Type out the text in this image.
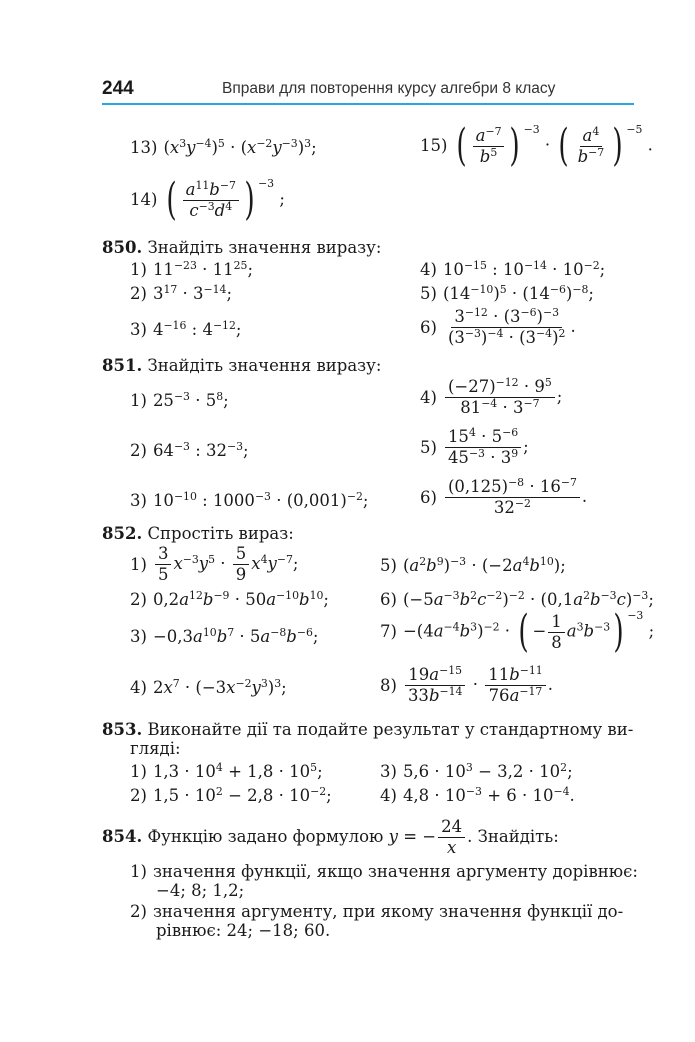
244	Вправи для повторення курсу алгебри 8 класу
13) $(x^3y^{-4})^5 \cdot (x^{-2}y^{-3})^3$;	15) ( $\frac{a^{-7}}{b^5}$ ) $^{-3}$ · ( $\frac{a^4}{b^{-7}}$ ) $^{-5}$ .
14) ( $\frac{a^{11}b^{-7}}{c^{-3}d^4}$ ) $^{-3}$ ;
850. Знайдіть значення виразу:
1) $11^{-23} \cdot 11^{25}$;
2) $3^{17} \cdot 3^{-14}$;
3) $4^{-16}$ : $4^{-12}$;
4) $10^{-15}$ : $10^{-14} \cdot 10^{-2}$;
5) $(14^{-10})^5 \cdot (14^{-6})^{-8}$;
$6) \frac{3^{-12} \cdot (3^{-6})^{-3}}{(3^{-3})^{-4} \cdot (3^{-4})^2}$ .
851. Знайдіть значення виразу:
1) $25^{-3} \cdot 5^8$;
2) $64^{-3}$ : $32^{-3}$;
3) $10^{-10}$ : $1000^{-3} \cdot (0,001)^{-2}$;
$4) \frac{(-27)^{-12} \cdot 9^5}{81^{-4} \cdot 3^{-7}}$ ;
$5) \frac{15^4 \cdot 5^{-6}}{45^{-3} \cdot 3^9}$ ;
$6) \frac{(0,125)^{-8} \cdot 16^{-7}}{32^{-2}}$ .
852. Спростіть вираз:
$1) \frac{3}{5} x^{-3}y^5 \cdot \frac{5}{9} x^4y^{-7}$;
2) $0,2a^{12}b^{-9} \cdot 50a^{-10}b^{10}$;
$3) -0,3a^{10}b^7 \cdot 5a^{-8}b^{-6}$;
4) $2x^7 \cdot (-3x^{-2}y^3)^3$;
5) $(a^2b^9)^{-3} \cdot (-2a^4b^{10})$;
6) $(-5a^{-3}b^2c^{-2})^{-2} \cdot (0,1a^2b^{-3}c)^{-3}$;
$7) -(4a^{-4}b^3)^{-2}$ · ( − $\frac{1}{8} a^3b^{-3}$) $^{-3}$ ;
$8) \frac{19a^{-15}}{33b^{-14}} \cdot \frac{11b^{-11}}{76a^{-17}}$ .
853. Виконайте дії та подайте результат у стандартному ви-
гляді:
1) $1,3 \cdot 10^4 + 1,8 \cdot 10^5$;
2) $1,5 \cdot 10^2 - 2,8 \cdot 10^{-2}$;
3) $5,6 \cdot 10^3 - 3,2 \cdot 10^2$;
4) $4,8 \cdot 10^{-3} + 6 \cdot 10^{-4}$.
854. Функцію задано формулою y = − $\frac{24}{x}$ . Знайдіть:
1) значення функції, якщо значення аргументу дорівнює:
−4; 8; 1,2;
2) значення аргументу, при якому значення функції до-
рівнює: 24; −18; 60.
